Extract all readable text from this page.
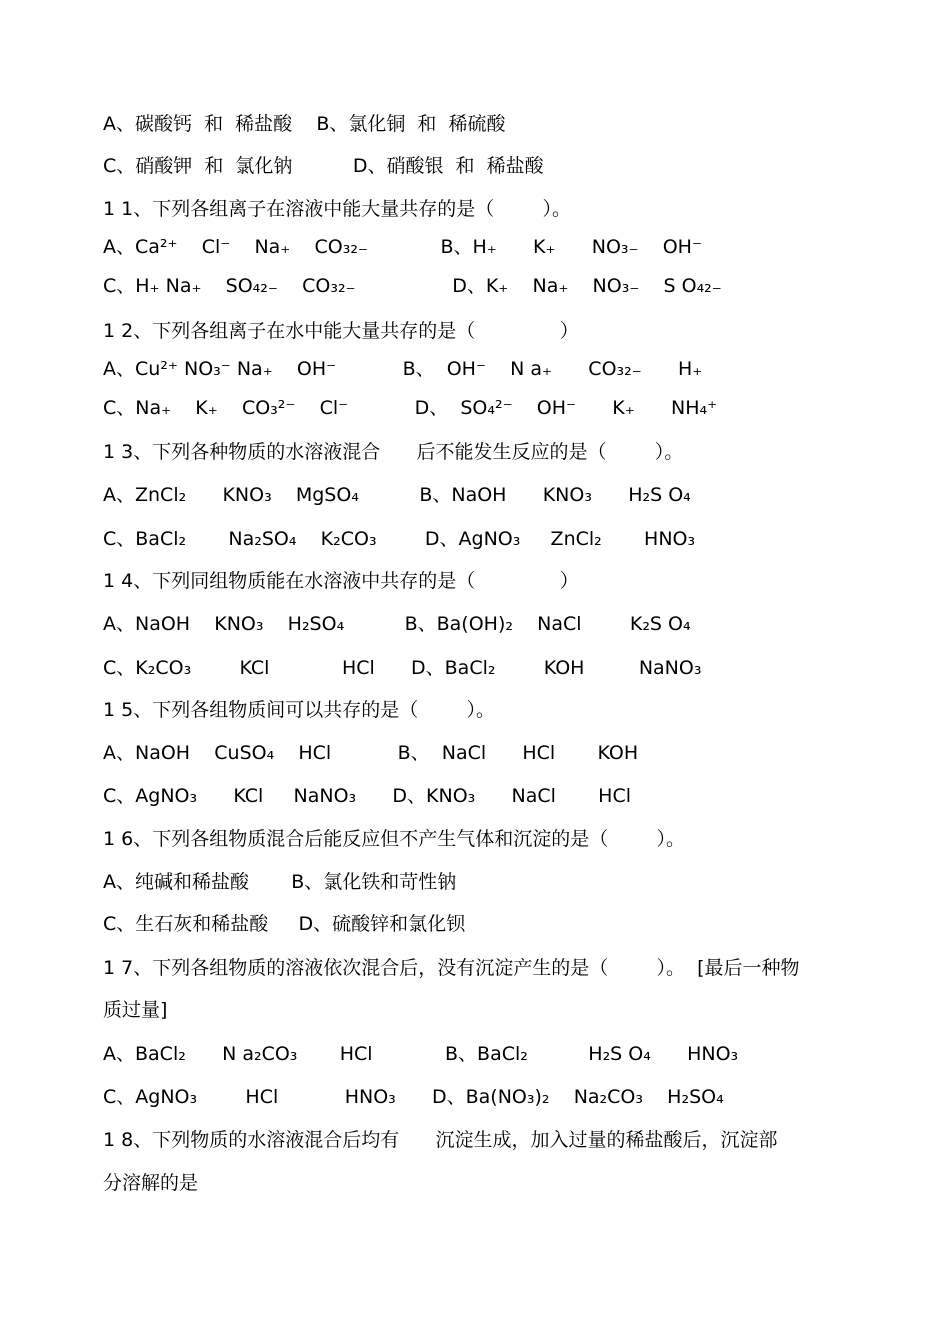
A、碳酸钙  和  稀盐酸    B、氯化铜  和  稀硫酸
C、硝酸钾  和  氯化钠          D、硝酸银  和  稀盐酸
1 1、下列各组离子在溶液中能大量共存的是（        ）。
A、Ca²⁺    Cl⁻    Na₊    CO₃₂₋            B、H₊      K₊      NO₃₋    OH⁻
C、H₊ Na₊    SO₄₂₋    CO₃₂₋                D、K₊    Na₊    NO₃₋    S O₄₂₋
1 2、下列各组离子在水中能大量共存的是（              ）
A、Cu²⁺ NO₃⁻ Na₊    OH⁻           B、  OH⁻    N a₊      CO₃₂₋      H₊
C、Na₊    K₊    CO₃²⁻    Cl⁻           D、  SO₄²⁻    OH⁻      K₊      NH₄⁺
1 3、下列各种物质的水溶液混合      后不能发生反应的是（        ）。
A、ZnCl₂      KNO₃    MgSO₄          B、NaOH      KNO₃      H₂S O₄
C、BaCl₂       Na₂SO₄    K₂CO₃        D、AgNO₃     ZnCl₂       HNO₃
1 4、下列同组物质能在水溶液中共存的是（              ）
A、NaOH    KNO₃    H₂SO₄          B、Ba(OH)₂    NaCl        K₂S O₄
C、K₂CO₃        KCl            HCl      D、BaCl₂        KOH         NaNO₃
1 5、下列各组物质间可以共存的是（        ）。
A、NaOH    CuSO₄    HCl           B、  NaCl      HCl       KOH
C、AgNO₃      KCl     NaNO₃      D、KNO₃      NaCl       HCl
1 6、下列各组物质混合后能反应但不产生气体和沉淀的是（        ）。
A、纯碱和稀盐酸       B、氯化铁和苛性钠
C、生石灰和稀盐酸     D、硫酸锌和氯化钡
1 7、下列各组物质的溶液依次混合后，没有沉淀产生的是（        ）。  [最后一种物
质过量]
A、BaCl₂      N a₂CO₃       HCl            B、BaCl₂          H₂S O₄      HNO₃
C、AgNO₃        HCl           HNO₃      D、Ba(NO₃)₂    Na₂CO₃    H₂SO₄
1 8、下列物质的水溶液混合后均有      沉淀生成，加入过量的稀盐酸后，沉淀部
分溶解的是
